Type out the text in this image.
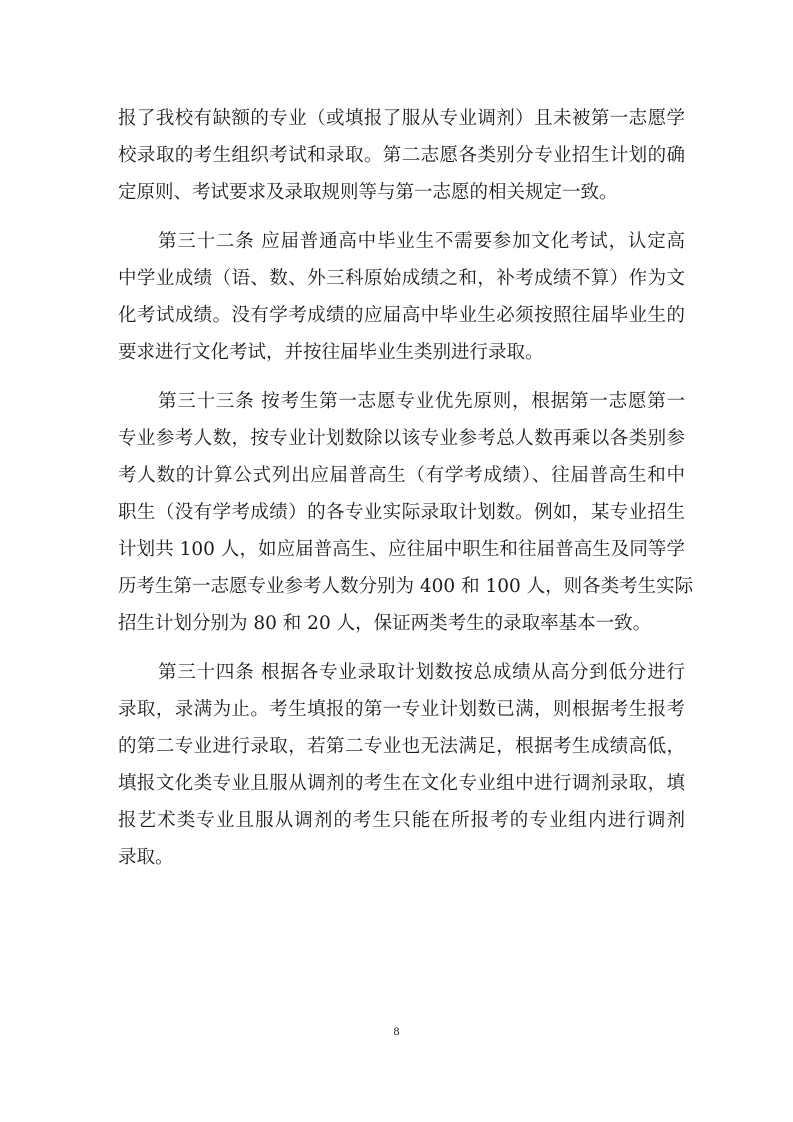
报了我校有缺额的专业（或填报了服从专业调剂）且未被第一志愿学
校录取的考生组织考试和录取。第二志愿各类别分专业招生计划的确
定原则、考试要求及录取规则等与第一志愿的相关规定一致。
第三十二条 应届普通高中毕业生不需要参加文化考试，认定高
中学业成绩（语、数、外三科原始成绩之和，补考成绩不算）作为文
化考试成绩。没有学考成绩的应届高中毕业生必须按照往届毕业生的
要求进行文化考试，并按往届毕业生类别进行录取。
第三十三条 按考生第一志愿专业优先原则，根据第一志愿第一
专业参考人数，按专业计划数除以该专业参考总人数再乘以各类别参
考人数的计算公式列出应届普高生（有学考成绩）、往届普高生和中
职生（没有学考成绩）的各专业实际录取计划数。例如，某专业招生
计划共 100 人，如应届普高生、应往届中职生和往届普高生及同等学
历考生第一志愿专业参考人数分别为 400 和 100 人，则各类考生实际
招生计划分别为 80 和 20 人，保证两类考生的录取率基本一致。
第三十四条 根据各专业录取计划数按总成绩从高分到低分进行
录取，录满为止。考生填报的第一专业计划数已满，则根据考生报考
的第二专业进行录取，若第二专业也无法满足，根据考生成绩高低，
填报文化类专业且服从调剂的考生在文化专业组中进行调剂录取，填
报艺术类专业且服从调剂的考生只能在所报考的专业组内进行调剂
录取。
8
